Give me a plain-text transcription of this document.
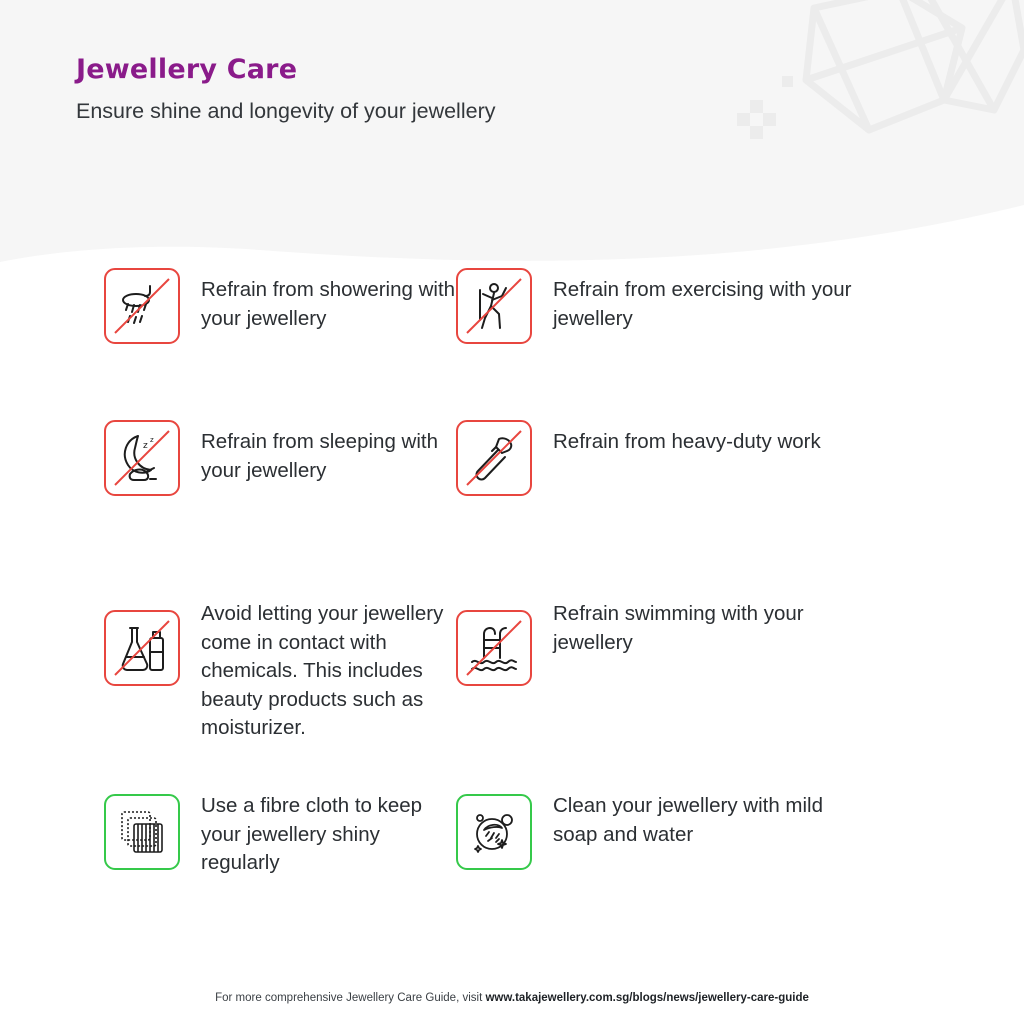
Jewellery Care

Ensure shine and longevity of your jewellery

Refrain from showering with your jewellery
Refrain from exercising with your jewellery
z
z Refrain from sleeping with your jewellery
Refrain from heavy-duty work
Avoid letting your jewellery come in contact with chemicals. This includes beauty products such as moisturizer.
Refrain swimming with your jewellery
Use a fibre cloth to keep your jewellery shiny regularly
Clean your jewellery with mild soap and water
For more comprehensive Jewellery Care Guide, visit www.takajewellery.com.sg/blogs/news/jewellery-care-guide
